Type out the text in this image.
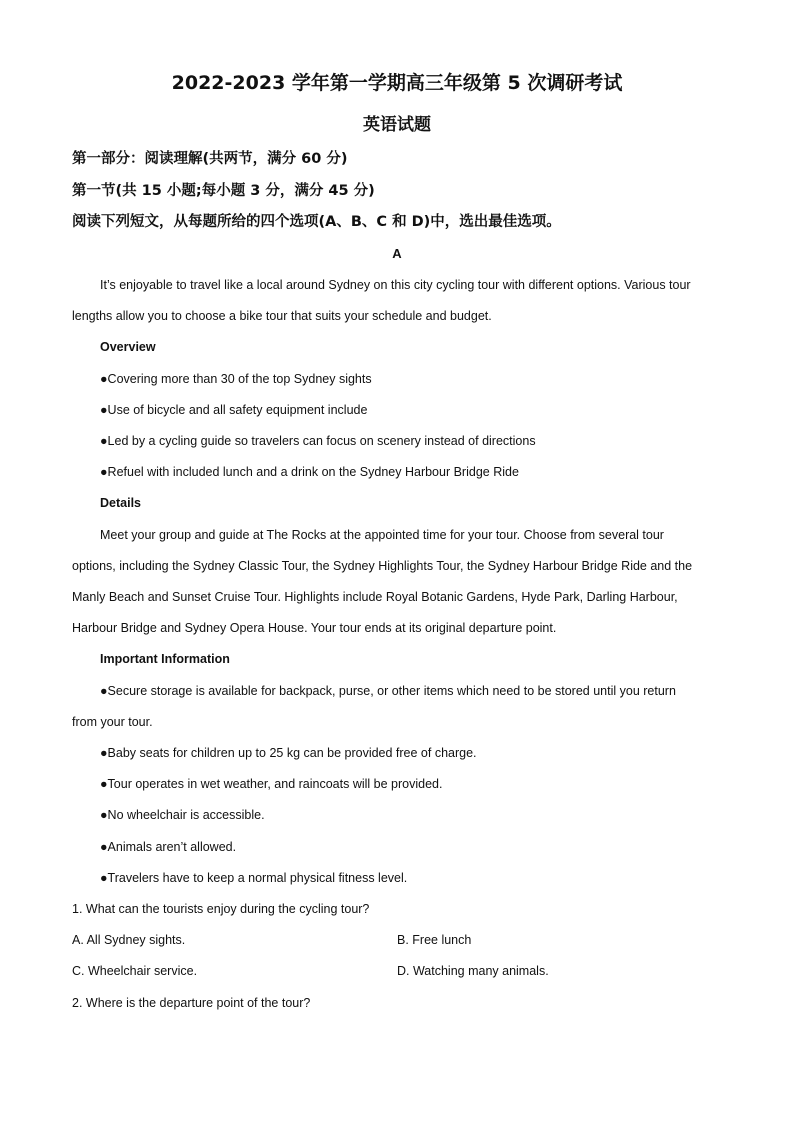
2022-2023 学年第一学期高三年级第 5 次调研考试
英语试题
第一部分：阅读理解(共两节，满分 60 分)
第一节(共 15 小题;每小题 3 分，满分 45 分)
阅读下列短文，从每题所给的四个选项(A、B、C 和 D)中，选出最佳选项。
A
It’s enjoyable to travel like a local around Sydney on this city cycling tour with different options. Various tour
lengths allow you to choose a bike tour that suits your schedule and budget.
Overview
●Covering more than 30 of the top Sydney sights
●Use of bicycle and all safety equipment include
●Led by a cycling guide so travelers can focus on scenery instead of directions
●Refuel with included lunch and a drink on the Sydney Harbour Bridge Ride
Details
Meet your group and guide at The Rocks at the appointed time for your tour. Choose from several tour
options, including the Sydney Classic Tour, the Sydney Highlights Tour, the Sydney Harbour Bridge Ride and the
Manly Beach and Sunset Cruise Tour. Highlights include Royal Botanic Gardens, Hyde Park, Darling Harbour,
Harbour Bridge and Sydney Opera House. Your tour ends at its original departure point.
Important Information
●Secure storage is available for backpack, purse, or other items which need to be stored until you return
from your tour.
●Baby seats for children up to 25 kg can be provided free of charge.
●Tour operates in wet weather, and raincoats will be provided.
●No wheelchair is accessible.
●Animals aren’t allowed.
●Travelers have to keep a normal physical fitness level.
1. What can the tourists enjoy during the cycling tour?
A. All Sydney sights.	B. Free lunch
C. Wheelchair service.	D. Watching many animals.
2. Where is the departure point of the tour?
